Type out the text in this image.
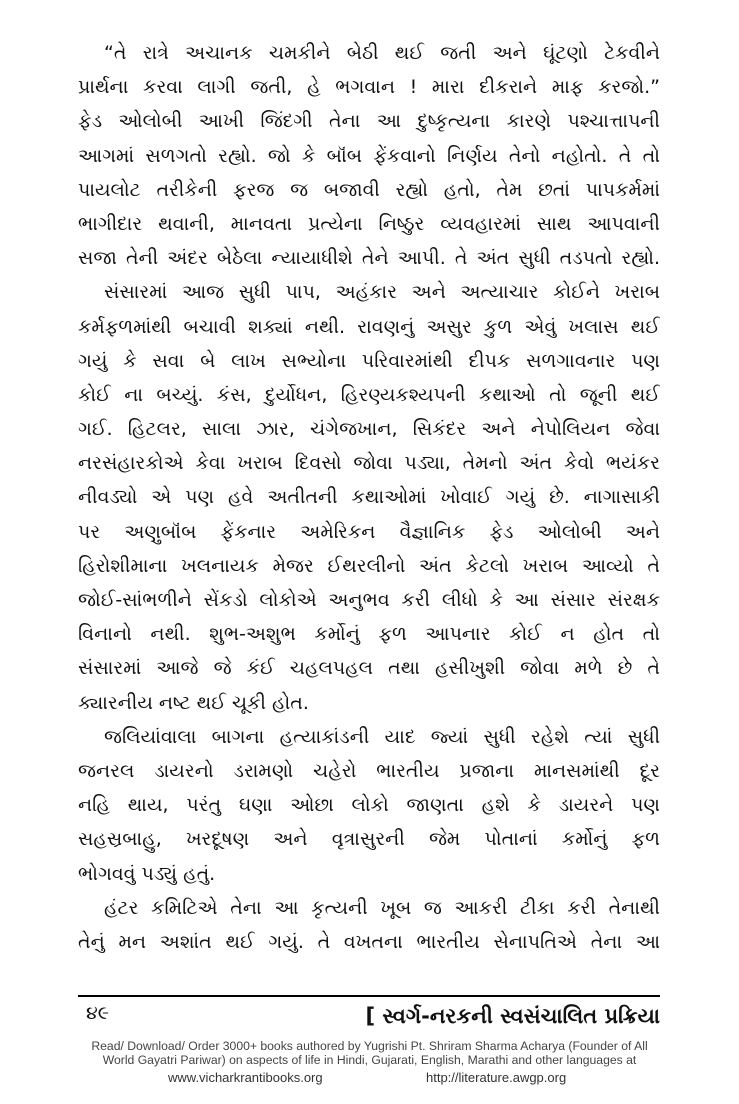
“તે રાત્રે અચાનક ચમકીને બેઠી થઈ જતી અને ઘૂંટણો ટેકવીને
પ્રાર્થના કરવા લાગી જતી, હે ભગવાન ! મારા દીકરાને માફ કરજો.”
ફેડ ઓલોબી આખી જિંદગી તેના આ દુષ્કૃત્યના કારણે પશ્ચાત્તાપની
આગમાં સળગતો રહ્યો. જો કે બૉંબ ફેંકવાનો નિર્ણય તેનો નહોતો. તે તો
પાયલોટ તરીકેની ફરજ જ બજાવી રહ્યો હતો, તેમ છતાં પાપકર્મમાં
ભાગીદાર થવાની, માનવતા પ્રત્યેના નિષ્ઠુર વ્યવહારમાં સાથ આપવાની
સજા તેની અંદર બેઠેલા ન્યાયાધીશે તેને આપી. તે અંત સુધી તડપતો રહ્યો.
સંસારમાં આજ સુધી પાપ, અહંકાર અને અત્યાચાર કોઈને ખરાબ
કર્મફળમાંથી બચાવી શક્યાં નથી. રાવણનું અસુર કુળ એવું ખલાસ થઈ
ગયું કે સવા બે લાખ સભ્યોના પરિવારમાંથી દીપક સળગાવનાર પણ
કોઈ ના બચ્યું. કંસ, દુર્યોધન, હિરણ્યકશ્યપની કથાઓ તો જૂની થઈ
ગઈ. હિટલર, સાલા ઝાર, ચંગેજખાન, સિકંદર અને નેપોલિયન જેવા
નરસંહારકોએ કેવા ખરાબ દિવસો જોવા પડ્યા, તેમનો અંત કેવો ભયંકર
નીવડ્યો એ પણ હવે અતીતની કથાઓમાં ખોવાઈ ગયું છે. નાગાસાકી
પર અણુબૉંબ ફેંકનાર અમેરિકન વૈજ્ઞાનિક ફેડ ઓલોબી અને
હિરોશીમાના ખલનાયક મેજર ઈથરલીનો અંત કેટલો ખરાબ આવ્યો તે
જોઈ-સાંભળીને સેંકડો લોકોએ અનુભવ કરી લીધો કે આ સંસાર સંરક્ષક
વિનાનો નથી. શુભ-અશુભ કર્મોનું ફળ આપનાર કોઈ ન હોત તો
સંસારમાં આજે જે કંઈ ચહલપહલ તથા હસીખુશી જોવા મળે છે તે
ક્યારનીય નષ્ટ થઈ ચૂકી હોત.
જલિયાંવાલા બાગના હત્યાકાંડની યાદ જ્યાં સુધી રહેશે ત્યાં સુધી
જનરલ ડાયરનો ડરામણો ચહેરો ભારતીય પ્રજાના માનસમાંથી દૂર
નહિ થાય, પરંતુ ઘણા ઓછા લોકો જાણતા હશે કે ડાયરને પણ
સહસ્રબાહુ, ખરદૂષણ અને વૃત્રાસુરની જેમ પોતાનાં કર્મોનું ફળ
ભોગવવું પડ્યું હતું.
હંટર કમિટિએ તેના આ કૃત્યની ખૂબ જ આકરી ટીકા કરી તેનાથી
તેનું મન અશાંત થઈ ગયું. તે વખતના ભારતીય સેનાપતિએ તેના આ
૪૯	[ સ્વર્ગ-નરકની સ્વસંચાલિત પ્રક્રિયા
Read/ Download/ Order 3000+ books authored by Yugrishi Pt. Shriram Sharma Acharya (Founder of All
World Gayatri Pariwar) on aspects of life in Hindi, Gujarati, English, Marathi and other languages at
www.vicharkrantibooks.org	http://literature.awgp.org
